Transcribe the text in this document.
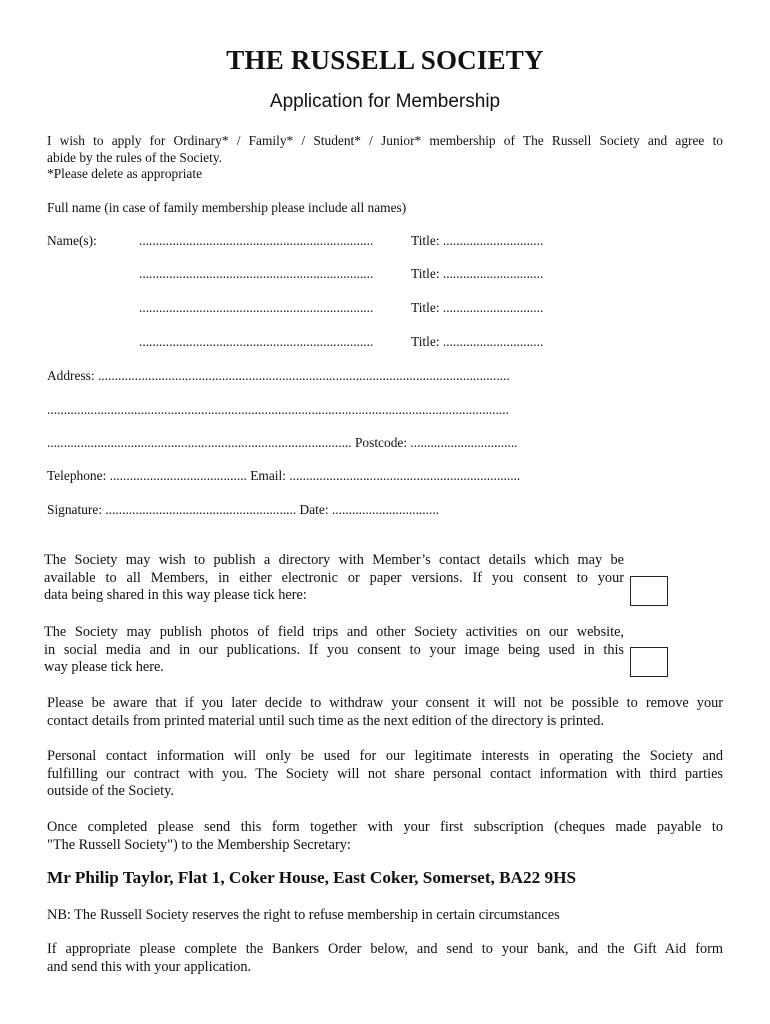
THE RUSSELL SOCIETY
Application for Membership
I wish to apply for Ordinary* / Family* / Student* / Junior* membership of The Russell Society and agree to
abide by the rules of the Society.
*Please delete as appropriate
Full name (in case of family membership please include all names)
Name(s):	......................................................................	Title: ..............................
......................................................................	Title: ..............................
......................................................................	Title: ..............................
......................................................................	Title: ..............................
Address: ...........................................................................................................................
..........................................................................................................................................
........................................................................................... Postcode: ................................
Telephone: ......................................... Email: .....................................................................
Signature: ......................................................... Date: ................................
The Society may wish to publish a directory with Member’s contact details which may be
available to all Members, in either electronic or paper versions. If you consent to your
data being shared in this way please tick here:
The Society may publish photos of field trips and other Society activities on our website,
in social media and in our publications. If you consent to your image being used in this
way please tick here.
Please be aware that if you later decide to withdraw your consent it will not be possible to remove your
contact details from printed material until such time as the next edition of the directory is printed.
Personal contact information will only be used for our legitimate interests in operating the Society and
fulfilling our contract with you. The Society will not share personal contact information with third parties
outside of the Society.
Once completed please send this form together with your first subscription (cheques made payable to
"The Russell Society") to the Membership Secretary:
Mr Philip Taylor, Flat 1, Coker House, East Coker, Somerset, BA22 9HS
NB: The Russell Society reserves the right to refuse membership in certain circumstances
If appropriate please complete the Bankers Order below, and send to your bank, and the Gift Aid form
and send this with your application.
